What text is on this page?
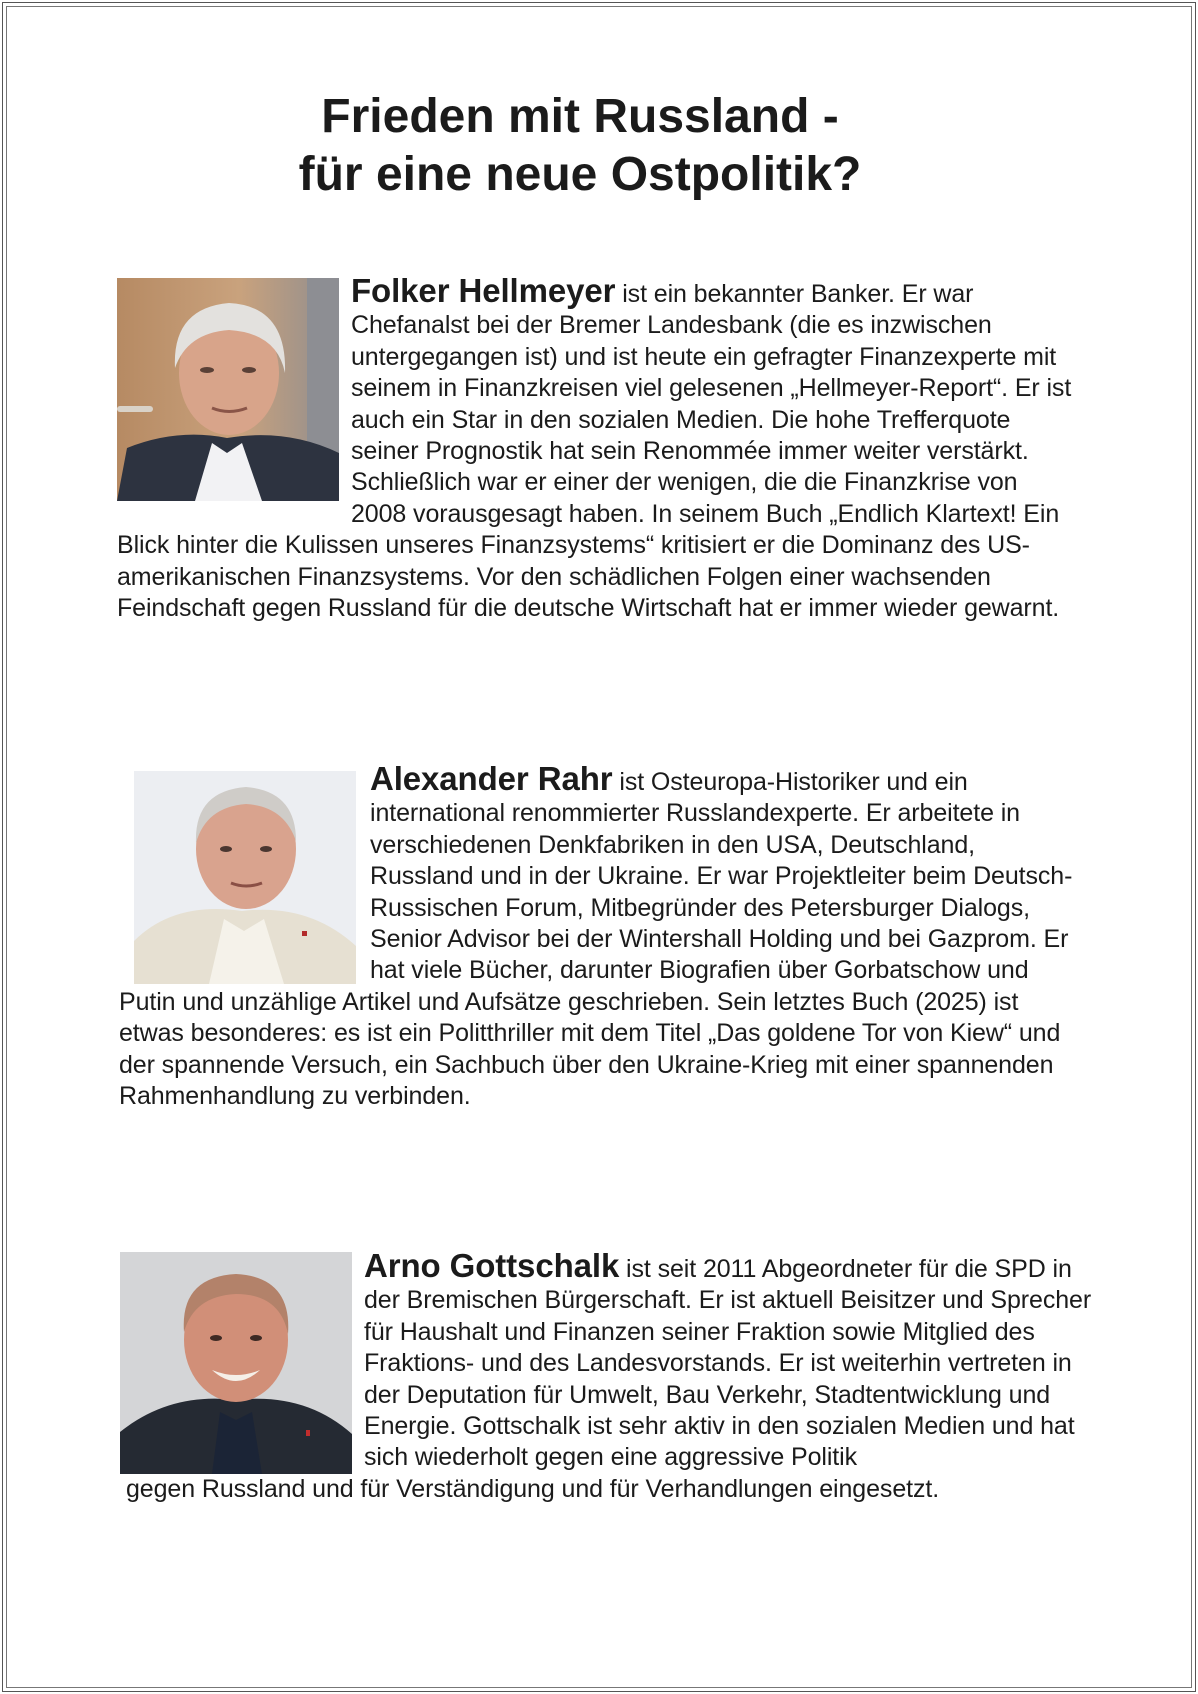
Frieden mit Russland -
für eine neue Ostpolitik?
Folker Hellmeyer ist ein bekannter Banker. Er war Chefanalst bei der Bremer Landesbank (die es inzwischen untergegangen ist) und ist heute ein gefragter Finanzexperte mit seinem in Finanzkreisen viel gelesenen „Hellmeyer-Report“. Er ist auch ein Star in den sozialen Medien. Die hohe Trefferquote seiner Prognostik hat sein Renommée immer weiter verstärkt. Schließlich war er einer der wenigen, die die Finanzkrise von 2008 vorausgesagt haben. In seinem Buch „Endlich Klartext! Ein Blick hinter die Kulissen unseres Finanzsystems“ kritisiert er die Dominanz des US-amerikanischen Finanzsystems. Vor den schädlichen Folgen einer wachsenden Feindschaft gegen Russland für die deutsche Wirtschaft hat er immer wieder gewarnt.
Alexander Rahr ist Osteuropa-Historiker und ein international renommierter Russlandexperte. Er arbeitete in verschiedenen Denkfabriken in den USA, Deutschland, Russland und in der Ukraine. Er war Projektleiter beim Deutsch-Russischen Forum, Mitbegründer des Petersburger Dialogs, Senior Advisor bei der Wintershall Holding und bei Gazprom. Er hat viele Bücher, darunter Biografien über Gorbatschow und Putin und unzählige Artikel und Aufsätze geschrieben. Sein letztes Buch (2025) ist etwas besonderes: es ist ein Politthriller mit dem Titel „Das goldene Tor von Kiew“ und der spannende Versuch, ein Sachbuch über den Ukraine-Krieg mit einer spannenden Rahmenhandlung zu verbinden.
Arno Gottschalk ist seit 2011 Abgeordneter für die SPD in der Bremischen Bürgerschaft. Er ist aktuell Beisitzer und Sprecher für Haushalt und Finanzen seiner Fraktion sowie Mitglied des Fraktions- und des Landesvorstands. Er ist weiterhin vertreten in der Deputation für Umwelt, Bau Verkehr, Stadtentwicklung und Energie. Gottschalk ist sehr aktiv in den sozialen Medien und hat sich wiederholt gegen eine aggressive Politik
gegen Russland und für Verständigung und für Verhandlungen eingesetzt.
